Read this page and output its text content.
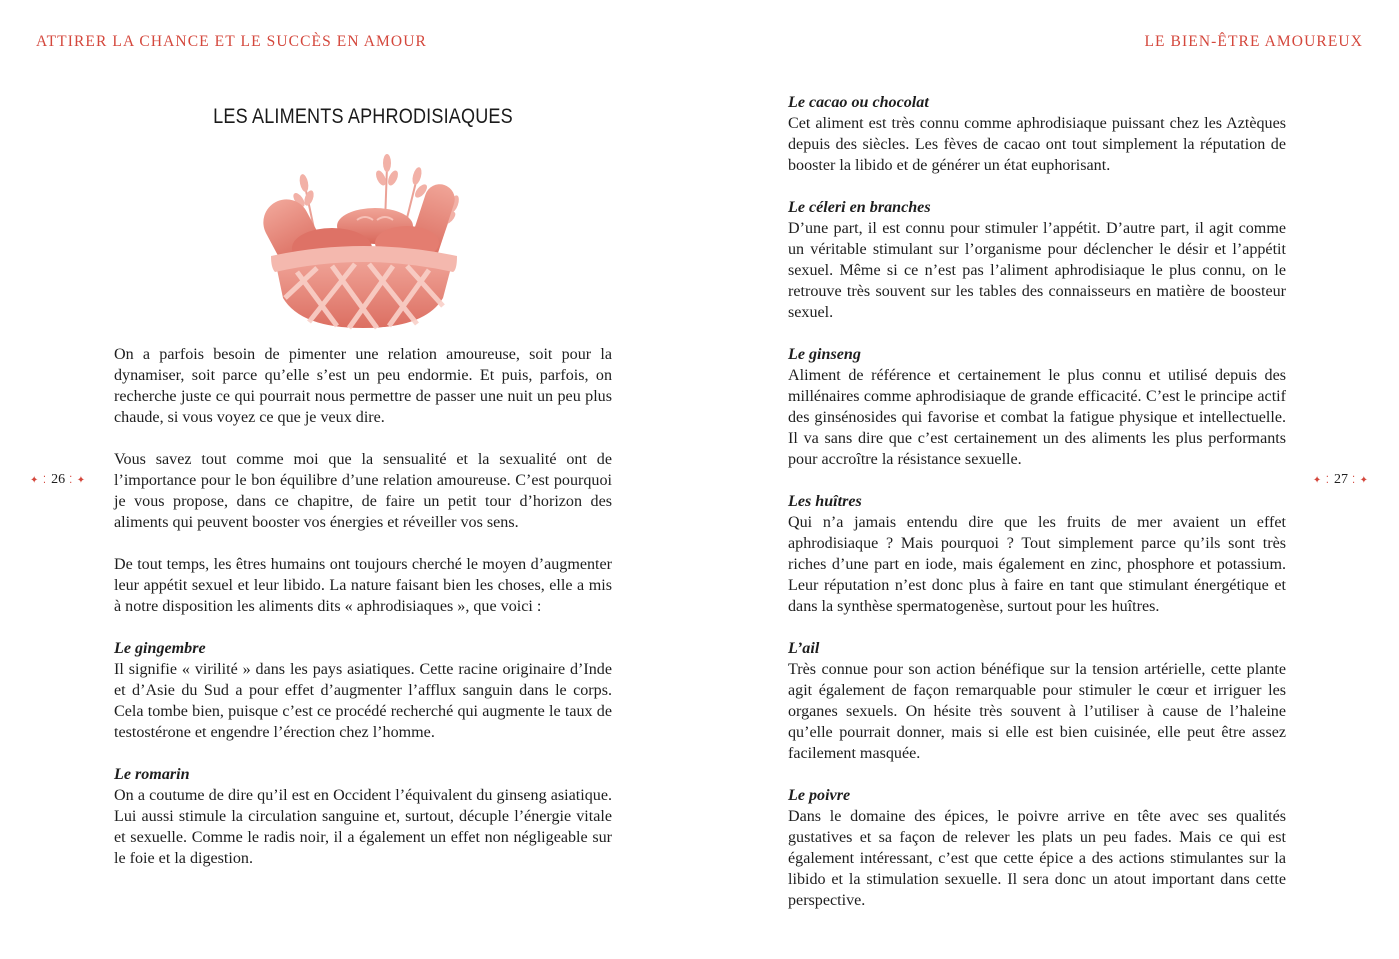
ATTIRER LA CHANCE ET LE SUCCÈS EN AMOUR	LE BIEN-ÊTRE AMOUREUX
✦ ⁚ 26 ⁚ ✦	✦ ⁚ 27 ⁚ ✦
LES ALIMENTS APHRODISIAQUES

On a parfois besoin de pimenter une relation amoureuse, soit pour la dynamiser, soit parce qu’elle s’est un peu endormie. Et puis, parfois, on recherche juste ce qui pourrait nous permettre de passer une nuit un peu plus chaude, si vous voyez ce que je veux dire.

Vous savez tout comme moi que la sensualité et la sexualité ont de l’importance pour le bon équilibre d’une relation amoureuse. C’est pourquoi je vous propose, dans ce chapitre, de faire un petit tour d’horizon des aliments qui peuvent booster vos énergies et réveiller vos sens.

De tout temps, les êtres humains ont toujours cherché le moyen d’augmenter leur appétit sexuel et leur libido. La nature faisant bien les choses, elle a mis à notre disposition les aliments dits « aphrodisiaques », que voici :

Le gingembre
Il signifie « virilité » dans les pays asiatiques. Cette racine originaire d’Inde et d’Asie du Sud a pour effet d’augmenter l’afflux sanguin dans le corps. Cela tombe bien, puisque c’est ce procédé recherché qui augmente le taux de testostérone et engendre l’érection chez l’homme.
Le romarin
On a coutume de dire qu’il est en Occident l’équivalent du ginseng asiatique. Lui aussi stimule la circulation sanguine et, surtout, décuple l’énergie vitale et sexuelle. Comme le radis noir, il a également un effet non négligeable sur le foie et la digestion.
Le cacao ou chocolat
Cet aliment est très connu comme aphrodisiaque puissant chez les Aztèques depuis des siècles. Les fèves de cacao ont tout simplement la réputation de booster la libido et de générer un état euphorisant.
Le céleri en branches
D’une part, il est connu pour stimuler l’appétit. D’autre part, il agit comme un véritable stimulant sur l’organisme pour déclencher le désir et l’appétit sexuel. Même si ce n’est pas l’aliment aphrodisiaque le plus connu, on le retrouve très souvent sur les tables des connaisseurs en matière de boosteur sexuel.
Le ginseng
Aliment de référence et certainement le plus connu et utilisé depuis des millénaires comme aphrodisiaque de grande efficacité. C’est le principe actif des ginsénosides qui favorise et combat la fatigue physique et intellectuelle. Il va sans dire que c’est certainement un des aliments les plus performants pour accroître la résistance sexuelle.
Les huîtres
Qui n’a jamais entendu dire que les fruits de mer avaient un effet aphrodisiaque ? Mais pourquoi ? Tout simplement parce qu’ils sont très riches d’une part en iode, mais également en zinc, phosphore et potassium. Leur réputation n’est donc plus à faire en tant que stimulant énergétique et dans la synthèse spermatogenèse, surtout pour les huîtres.
L’ail
Très connue pour son action bénéfique sur la tension artérielle, cette plante agit également de façon remarquable pour stimuler le cœur et irriguer les organes sexuels. On hésite très souvent à l’utiliser à cause de l’haleine qu’elle pourrait donner, mais si elle est bien cuisinée, elle peut être assez facilement masquée.
Le poivre
Dans le domaine des épices, le poivre arrive en tête avec ses qualités gustatives et sa façon de relever les plats un peu fades. Mais ce qui est également intéressant, c’est que cette épice a des actions stimulantes sur la libido et la stimulation sexuelle. Il sera donc un atout important dans cette perspective.
